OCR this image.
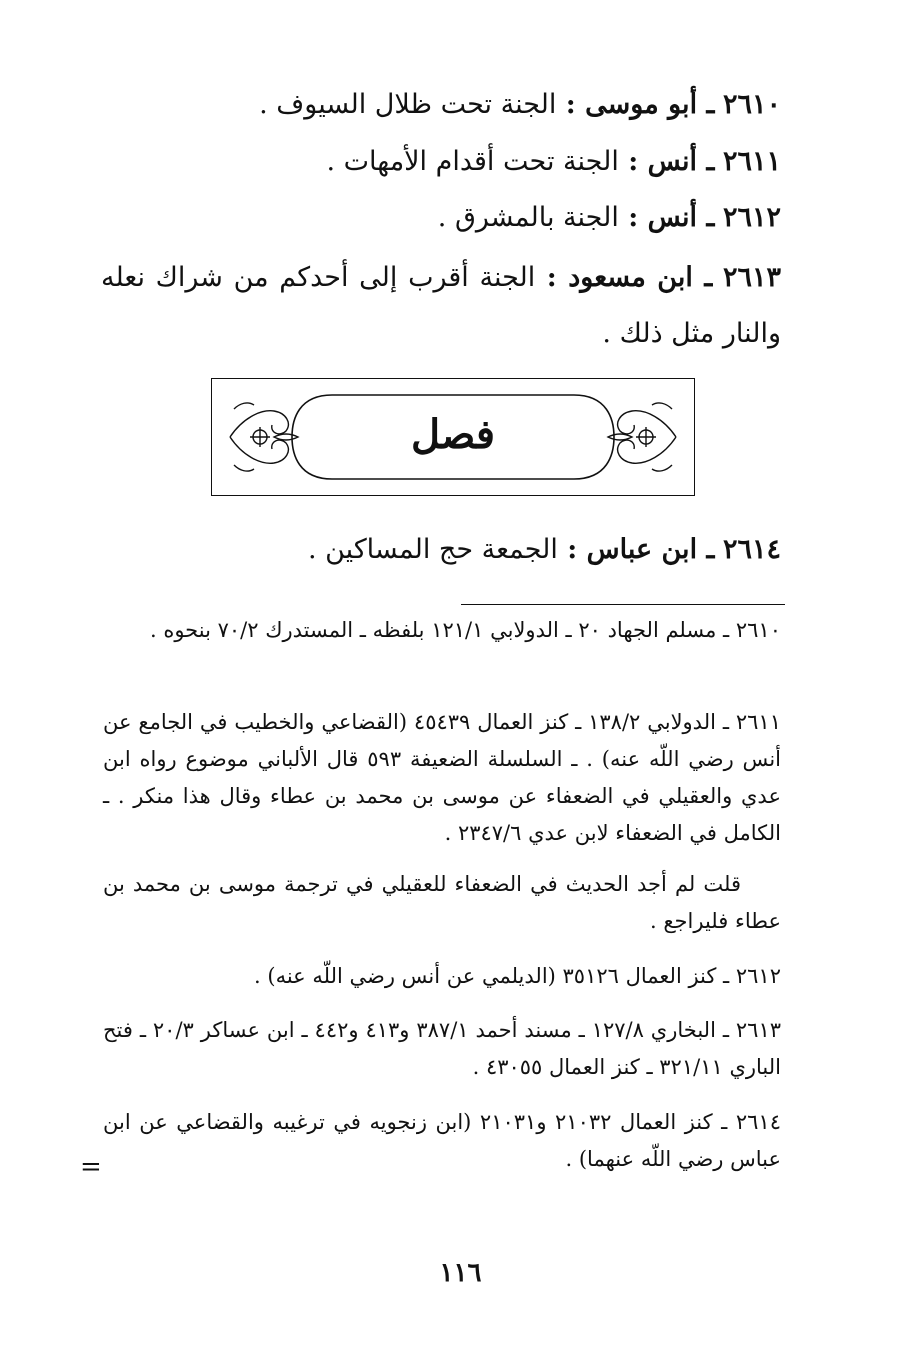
٢٦١٠ ـ أبو موسى : الجنة تحت ظلال السيوف .

٢٦١١ ـ أنس : الجنة تحت أقدام الأمهات .

٢٦١٢ ـ أنس : الجنة بالمشرق .

٢٦١٣ ـ ابن مسعود : الجنة أقرب إلى أحدكم من شراك نعله والنار مثل ذلك .

فصل

٢٦١٤ ـ ابن عباس : الجمعة حج المساكين .

٢٦١٠ ـ مسلم الجهاد ٢٠ ـ الدولابي ١٢١/١ بلفظه ـ المستدرك ٧٠/٢ بنحوه .

٢٦١١ ـ الدولابي ١٣٨/٢ ـ كنز العمال ٤٥٤٣٩ (القضاعي والخطيب في الجامع عن أنس رضي اللّه عنه) . ـ السلسلة الضعيفة ٥٩٣ قال الألباني موضوع رواه ابن عدي والعقيلي في الضعفاء عن موسى بن محمد بن عطاء وقال هذا منكر . ـ الكامل في الضعفاء لابن عدي ٢٣٤٧/٦ .

قلت لم أجد الحديث في الضعفاء للعقيلي في ترجمة موسى بن محمد بن عطاء فليراجع .

٢٦١٢ ـ كنز العمال ٣٥١٢٦ (الديلمي عن أنس رضي اللّه عنه) .

٢٦١٣ ـ البخاري ١٢٧/٨ ـ مسند أحمد ٣٨٧/١ و٤١٣ و٤٤٢ ـ ابن عساكر ٢٠/٣ ـ فتح الباري ٣٢١/١١ ـ كنز العمال ٤٣٠٥٥ .

٢٦١٤ ـ كنز العمال ٢١٠٣٢ و٢١٠٣١ (ابن زنجويه في ترغيبه والقضاعي عن ابن عباس رضي اللّه عنهما) .

=
١١٦
